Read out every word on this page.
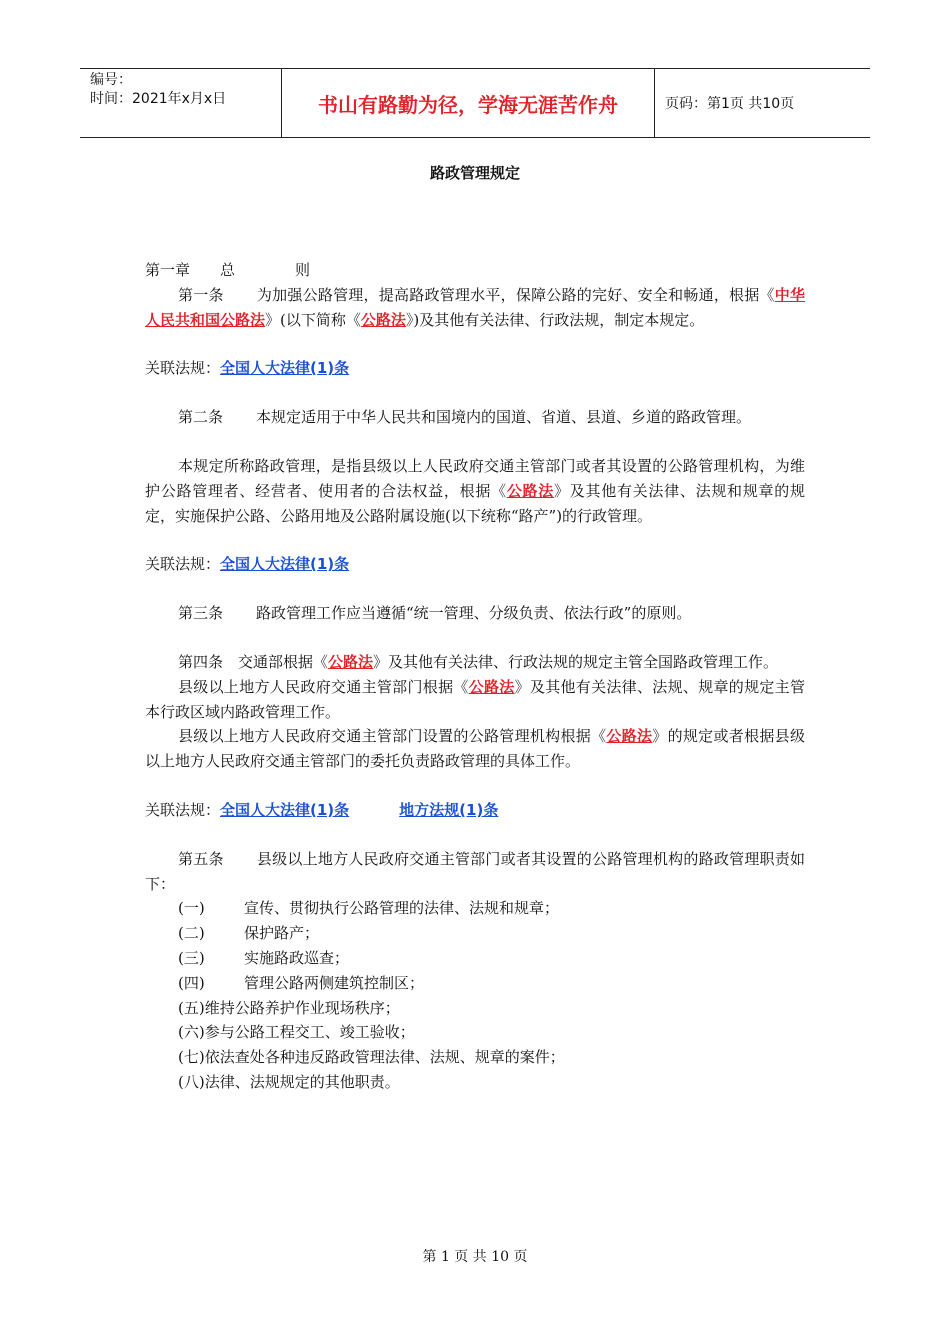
编号：
时间：2021年x月x日	书山有路勤为径，学海无涯苦作舟	页码：第1页 共10页
路政管理规定

第一章　　总　　　　则

第一条 为加强公路管理，提高路政管理水平，保障公路的完好、安全和畅通，根据《中华人民共和国公路法》(以下简称《公路法》)及其他有关法律、行政法规，制定本规定。

关联法规：全国人大法律(1)条

第二条 本规定适用于中华人民共和国境内的国道、省道、县道、乡道的路政管理。

本规定所称路政管理，是指县级以上人民政府交通主管部门或者其设置的公路管理机构，为维护公路管理者、经营者、使用者的合法权益，根据《公路法》及其他有关法律、法规和规章的规定，实施保护公路、公路用地及公路附属设施(以下统称“路产”)的行政管理。

关联法规：全国人大法律(1)条

第三条 路政管理工作应当遵循“统一管理、分级负责、依法行政”的原则。

第四条 交通部根据《公路法》及其他有关法律、行政法规的规定主管全国路政管理工作。

县级以上地方人民政府交通主管部门根据《公路法》及其他有关法律、法规、规章的规定主管本行政区域内路政管理工作。

县级以上地方人民政府交通主管部门设置的公路管理机构根据《公路法》的规定或者根据县级以上地方人民政府交通主管部门的委托负责路政管理的具体工作。

关联法规：全国人大法律(1)条	地方法规(1)条

第五条 县级以上地方人民政府交通主管部门或者其设置的公路管理机构的路政管理职责如下：

(一)	宣传、贯彻执行公路管理的法律、法规和规章；

(二)	保护路产；

(三)	实施路政巡查；

(四)	管理公路两侧建筑控制区；

(五)维持公路养护作业现场秩序；

(六)参与公路工程交工、竣工验收；

(七)依法查处各种违反路政管理法律、法规、规章的案件；

(八)法律、法规规定的其他职责。

第 1 页 共 10 页
